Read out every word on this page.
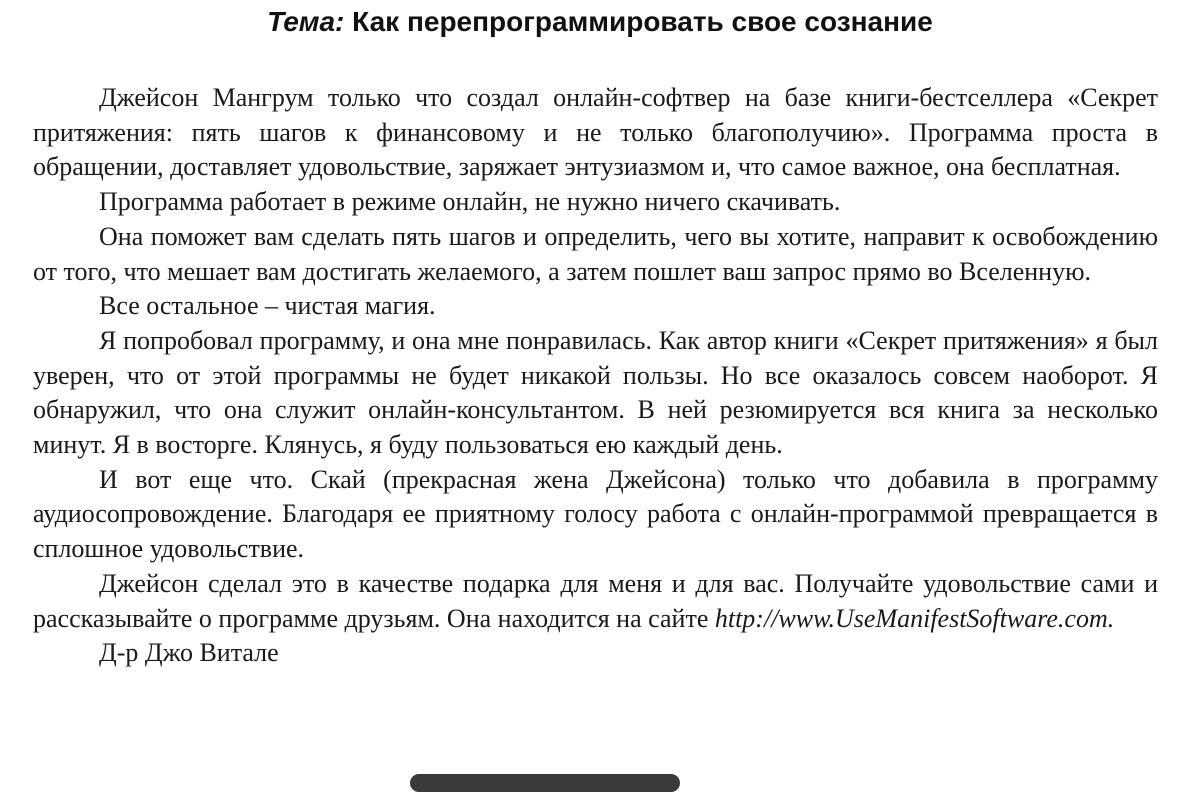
Тема: Как перепрограммировать свое сознание

Джейсон Мангрум только что создал онлайн-софтвер на базе книги-бестселлера «Секрет притяжения: пять шагов к финансовому и не только благополучию». Программа проста в обращении, доставляет удовольствие, заряжает энтузиазмом и, что самое важное, она бесплатная.

Программа работает в режиме онлайн, не нужно ничего скачивать.

Она поможет вам сделать пять шагов и определить, чего вы хотите, направит к освобождению от того, что мешает вам достигать желаемого, а затем пошлет ваш запрос прямо во Вселенную.

Все остальное – чистая магия.

Я попробовал программу, и она мне понравилась. Как автор книги «Секрет притяжения» я был уверен, что от этой программы не будет никакой пользы. Но все оказалось совсем наоборот. Я обнаружил, что она служит онлайн-консультантом. В ней резюмируется вся книга за несколько минут. Я в восторге. Клянусь, я буду пользоваться ею каждый день.

И вот еще что. Скай (прекрасная жена Джейсона) только что добавила в программу аудиосопровождение. Благодаря ее приятному голосу работа с онлайн-программой превращается в сплошное удовольствие.

Джейсон сделал это в качестве подарка для меня и для вас. Получайте удовольствие сами и рассказывайте о программе друзьям. Она находится на сайте http://www.UseManifestSoftware.com.

Д-р Джо Витале
